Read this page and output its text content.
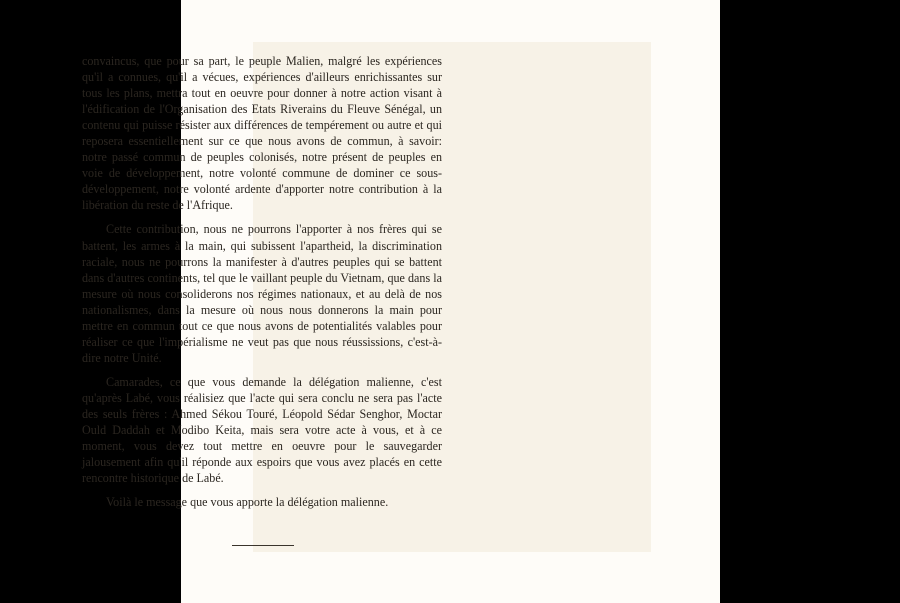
convaincus, que pour sa part, le peuple Malien, malgré les expériences qu'il a connues, qu'il a vécues, expériences d'ailleurs enrichissantes sur tous les plans, mettra tout en oeuvre pour donner à notre action visant à l'édification de l'Organisation des Etats Riverains du Fleuve Sénégal, un contenu qui puisse résister aux différences de tempérement ou autre et qui reposera essentiellement sur ce que nous avons de commun, à savoir: notre passé commun de peuples colonisés, notre présent de peuples en voie de développement, notre volonté commune de dominer ce sous-développement, notre volonté ardente d'apporter notre contribution à la libération du reste de l'Afrique.

Cette contribution, nous ne pourrons l'apporter à nos frères qui se battent, les armes à la main, qui subissent l'apartheid, la discrimination raciale, nous ne pourrons la manifester à d'autres peuples qui se battent dans d'autres continents, tel que le vaillant peuple du Vietnam, que dans la mesure où nous consoliderons nos régimes nationaux, et au delà de nos nationalismes, dans la mesure où nous nous donnerons la main pour mettre en commun tout ce que nous avons de potentialités valables pour réaliser ce que l'impérialisme ne veut pas que nous réussissions, c'est-à-dire notre Unité.

Camarades, ce que vous demande la délégation malienne, c'est qu'après Labé, vous réalisiez que l'acte qui sera conclu ne sera pas l'acte des seuls frères : Ahmed Sékou Touré, Léopold Sédar Senghor, Moctar Ould Daddah et Modibo Keita, mais sera votre acte à vous, et à ce moment, vous devez tout mettre en oeuvre pour le sauvegarder jalousement afin qu'il réponde aux espoirs que vous avez placés en cette rencontre historique de Labé.

Voilà le message que vous apporte la délégation malienne.
